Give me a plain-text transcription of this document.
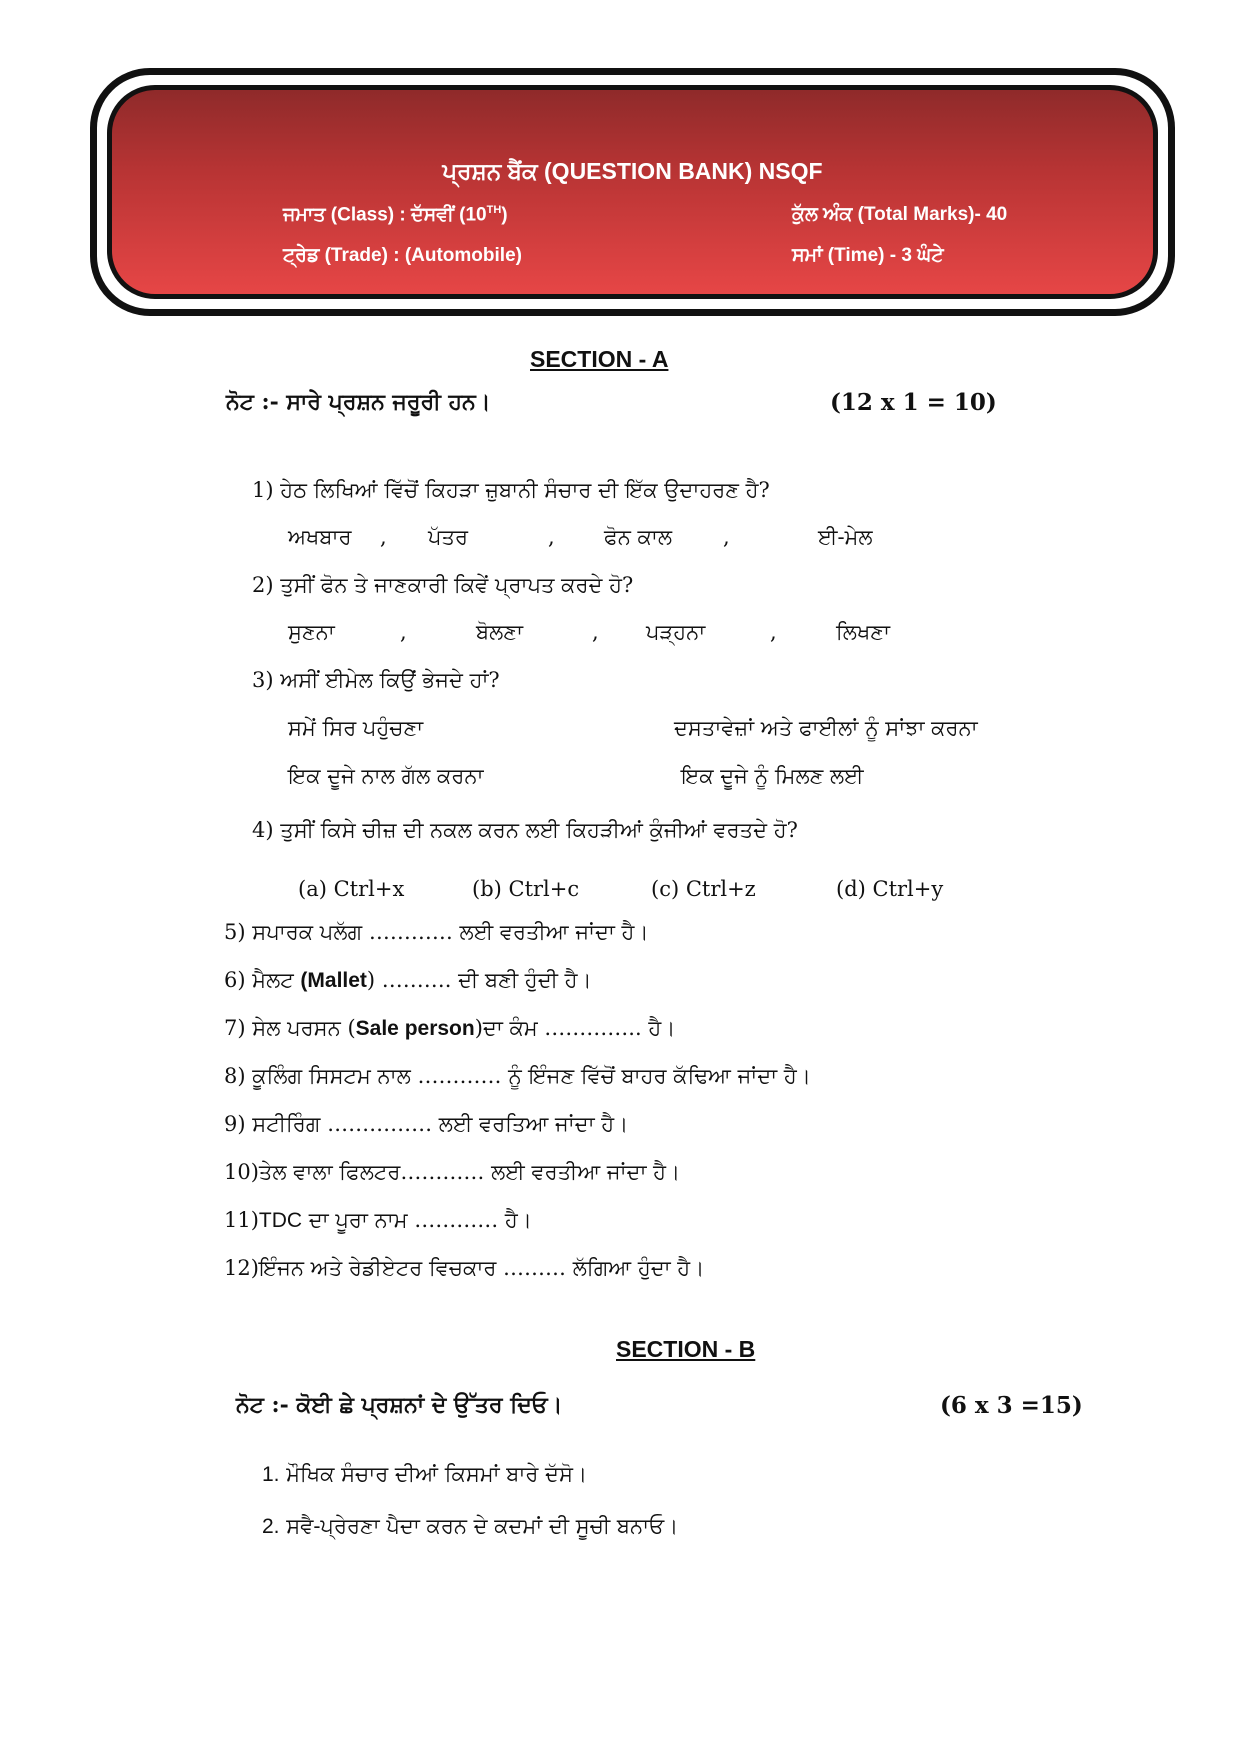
ਪ੍ਰਸ਼ਨ ਬੈਂਕ (QUESTION BANK) NSQF
ਜਮਾਤ (Class) : ਦੱਸਵੀਂ (10TH)
ਟ੍ਰੇਡ (Trade) : (Automobile)
ਕੁੱਲ ਅੰਕ (Total Marks)- 40
ਸਮਾਂ (Time) - 3 ਘੰਟੇ
SECTION - A
ਨੋਟ :- ਸਾਰੇ ਪ੍ਰਸ਼ਨ ਜਰੂਰੀ ਹਨ।	(12 x 1 = 10)
1) ਹੇਠ ਲਿਖਿਆਂ ਵਿੱਚੋਂ ਕਿਹੜਾ ਜ਼ੁਬਾਨੀ ਸੰਚਾਰ ਦੀ ਇੱਕ ਉਦਾਹਰਣ ਹੈ?
ਅਖਬਾਰ , ਪੱਤਰ	, ਫੋਨ ਕਾਲ ,	ਈ-ਮੇਲ
2) ਤੁਸੀਂ ਫੋਨ ਤੇ ਜਾਣਕਾਰੀ ਕਿਵੇਂ ਪ੍ਰਾਪਤ ਕਰਦੇ ਹੋ?
ਸੁਣਨਾ	,	ਬੋਲਣਾ	, ਪੜ੍ਹਨਾ	,	ਲਿਖਣਾ
3) ਅਸੀਂ ਈਮੇਲ ਕਿਉਂ ਭੇਜਦੇ ਹਾਂ?
ਸਮੇਂ ਸਿਰ ਪਹੁੰਚਣਾ	ਦਸਤਾਵੇਜ਼ਾਂ ਅਤੇ ਫਾਈਲਾਂ ਨੂੰ ਸਾਂਝਾ ਕਰਨਾ
ਇਕ ਦੂਜੇ ਨਾਲ ਗੱਲ ਕਰਨਾ	ਇਕ ਦੂਜੇ ਨੂੰ ਮਿਲਣ ਲਈ
4) ਤੁਸੀਂ ਕਿਸੇ ਚੀਜ਼ ਦੀ ਨਕਲ ਕਰਨ ਲਈ ਕਿਹੜੀਆਂ ਕੁੰਜੀਆਂ ਵਰਤਦੇ ਹੋ?
(a) Ctrl+x	(b) Ctrl+c	(c) Ctrl+z	(d) Ctrl+y
5) ਸਪਾਰਕ ਪਲੱਗ ………… ਲਈ ਵਰਤੀਆ ਜਾਂਦਾ ਹੈ।
6) ਮੈਲਟ (Mallet) ………. ਦੀ ਬਣੀ ਹੁੰਦੀ ਹੈ।
7) ਸੇਲ ਪਰਸਨ (Sale person)ਦਾ ਕੰਮ ………….. ਹੈ।
8) ਕੂਲਿੰਗ ਸਿਸਟਮ ਨਾਲ ………… ਨੂੰ ਇੰਜਣ ਵਿੱਚੋਂ ਬਾਹਰ ਕੱਢਿਆ ਜਾਂਦਾ ਹੈ।
9) ਸਟੀਰਿੰਗ …………… ਲਈ ਵਰਤਿਆ ਜਾਂਦਾ ਹੈ।
10)ਤੇਲ ਵਾਲਾ ਫਿਲਟਰ………… ਲਈ ਵਰਤੀਆ ਜਾਂਦਾ ਹੈ।
11)TDC ਦਾ ਪੂਰਾ ਨਾਮ ………… ਹੈ।
12)ਇੰਜਨ ਅਤੇ ਰੇਡੀਏਟਰ ਵਿਚਕਾਰ ……… ਲੱਗਿਆ ਹੁੰਦਾ ਹੈ।
SECTION - B
ਨੋਟ :- ਕੋਈ ਛੇ ਪ੍ਰਸ਼ਨਾਂ ਦੇ ਉੱਤਰ ਦਿਓ।	(6 x 3 =15)
1. ਮੌਖਿਕ ਸੰਚਾਰ ਦੀਆਂ ਕਿਸਮਾਂ ਬਾਰੇ ਦੱਸੋ।
2. ਸਵੈ-ਪ੍ਰੇਰਣਾ ਪੈਦਾ ਕਰਨ ਦੇ ਕਦਮਾਂ ਦੀ ਸੂਚੀ ਬਨਾਓ।
